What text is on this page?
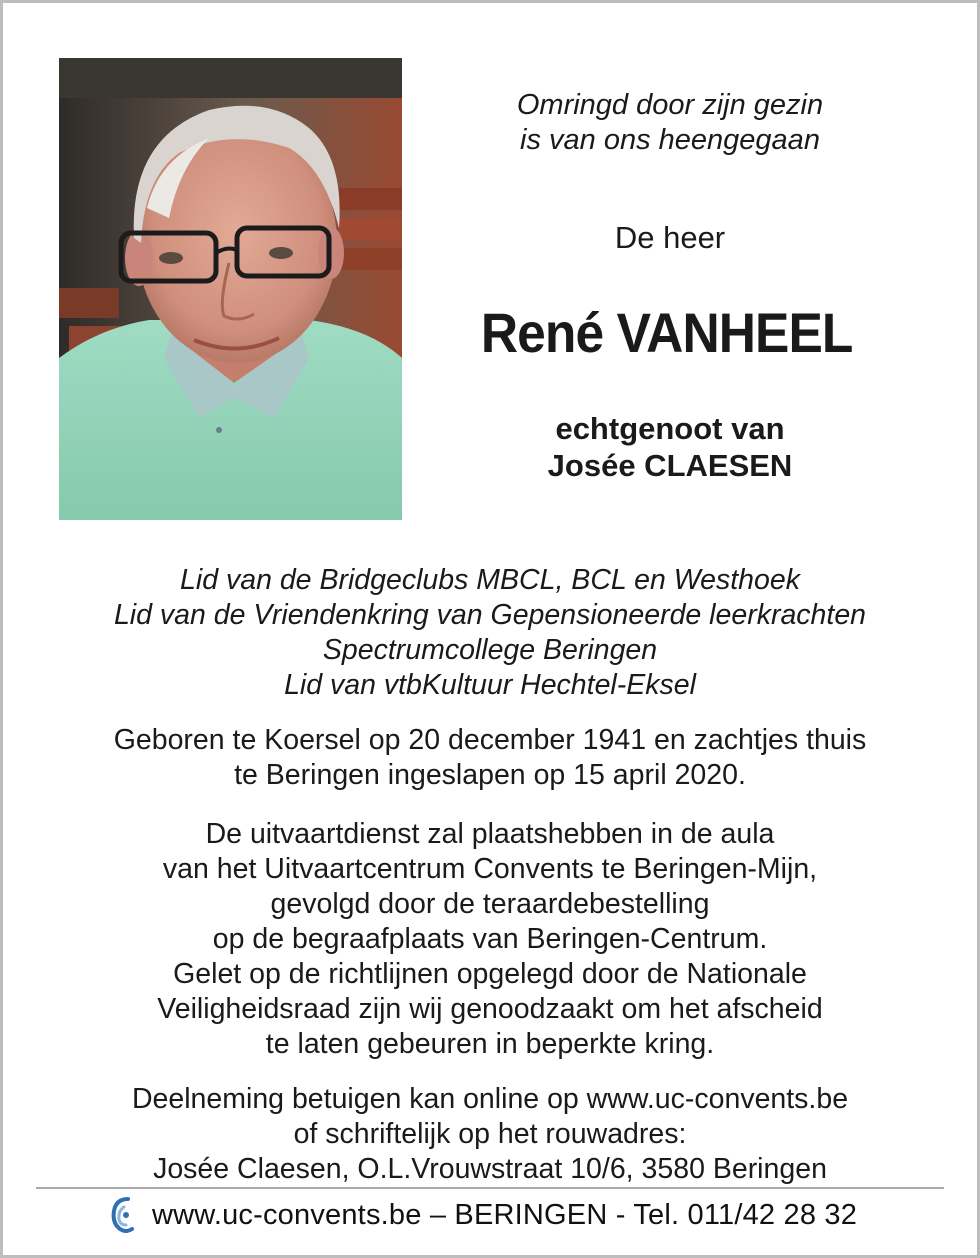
Omringd door zijn gezin
is van ons heengegaan
De heer
René VANHEEL
echtgenoot van
Josée CLAESEN
Lid van de Bridgeclubs MBCL, BCL en Westhoek
Lid van de Vriendenkring van Gepensioneerde leerkrachten
Spectrumcollege Beringen
Lid van vtbKultuur Hechtel-Eksel
Geboren te Koersel op 20 december 1941 en zachtjes thuis
te Beringen ingeslapen op 15 april 2020.
De uitvaartdienst zal plaatshebben in de aula
van het Uitvaartcentrum Convents te Beringen-Mijn,
gevolgd door de teraardebestelling
op de begraafplaats van Beringen-Centrum.
Gelet op de richtlijnen opgelegd door de Nationale
Veiligheidsraad zijn wij genoodzaakt om het afscheid
te laten gebeuren in beperkte kring.
Deelneming betuigen kan online op www.uc-convents.be
of schriftelijk op het rouwadres:
Josée Claesen, O.L.Vrouwstraat 10/6, 3580 Beringen
www.uc-convents.be – BERINGEN - Tel. 011/42 28 32
